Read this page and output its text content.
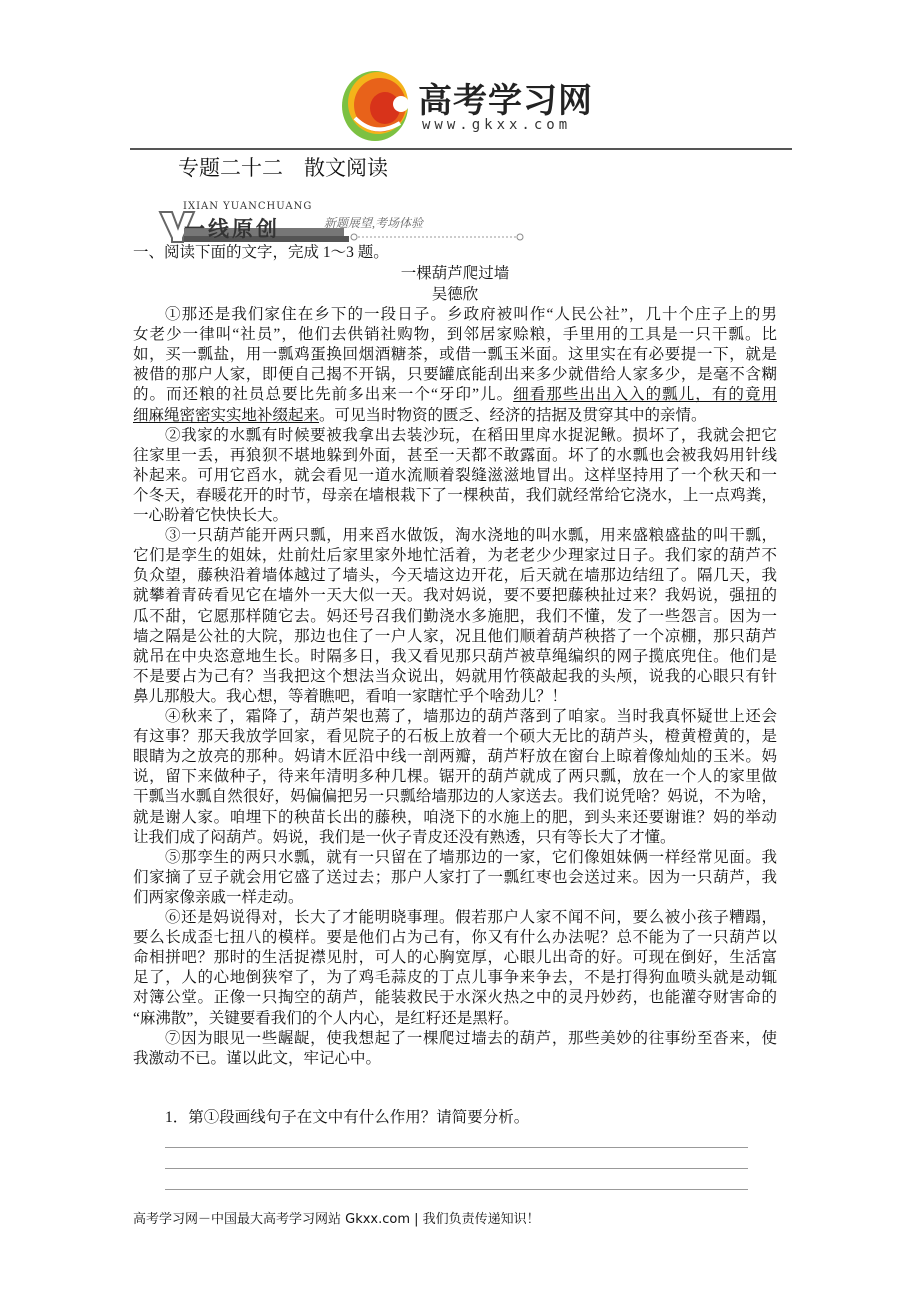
高考学习网
www.gkxx.com
专题二十二　散文阅读
IXIAN YUANCHUANG
一线原创	新题展望,考场体验
一、阅读下面的文字，完成 1～3 题。
一棵葫芦爬过墙
吴德欣
①那还是我们家住在乡下的一段日子。乡政府被叫作“人民公社”，几十个庄子上的男
女老少一律叫“社员”，他们去供销社购物，到邻居家赊粮，手里用的工具是一只干瓢。比
如，买一瓢盐，用一瓢鸡蛋换回烟酒糖茶，或借一瓢玉米面。这里实在有必要提一下，就是
被借的那户人家，即便自己揭不开锅，只要罐底能刮出来多少就借给人家多少，是毫不含糊
的。而还粮的社员总要比先前多出来一个“牙印”儿。细看那些出出入入的瓢儿，有的竟用
细麻绳密密实实地补缀起来。可见当时物资的匮乏、经济的拮据及贯穿其中的亲情。
②我家的水瓢有时候要被我拿出去装沙玩，在稻田里戽水捉泥鳅。损坏了，我就会把它
往家里一丢，再狼狈不堪地躲到外面，甚至一天都不敢露面。坏了的水瓢也会被我妈用针线
补起来。可用它舀水，就会看见一道水流顺着裂缝滋滋地冒出。这样坚持用了一个秋天和一
个冬天，春暖花开的时节，母亲在墙根栽下了一棵秧苗，我们就经常给它浇水，上一点鸡粪，
一心盼着它快快长大。
③一只葫芦能开两只瓢，用来舀水做饭，淘水浇地的叫水瓢，用来盛粮盛盐的叫干瓢，
它们是孪生的姐妹，灶前灶后家里家外地忙活着，为老老少少理家过日子。我们家的葫芦不
负众望，藤秧沿着墙体越过了墙头，今天墙这边开花，后天就在墙那边结纽了。隔几天，我
就攀着青砖看见它在墙外一天大似一天。我对妈说，要不要把藤秧扯过来？我妈说，强扭的
瓜不甜，它愿那样随它去。妈还号召我们勤浇水多施肥，我们不懂，发了一些怨言。因为一
墙之隔是公社的大院，那边也住了一户人家，况且他们顺着葫芦秧搭了一个凉棚，那只葫芦
就吊在中央恣意地生长。时隔多日，我又看见那只葫芦被草绳编织的网子揽底兜住。他们是
不是要占为己有？当我把这个想法当众说出，妈就用竹筷敲起我的头颅，说我的心眼只有针
鼻儿那般大。我心想，等着瞧吧，看咱一家瞎忙乎个啥劲儿？！
④秋来了，霜降了，葫芦架也蔫了，墙那边的葫芦落到了咱家。当时我真怀疑世上还会
有这事？那天我放学回家，看见院子的石板上放着一个硕大无比的葫芦头，橙黄橙黄的，是
眼睛为之放亮的那种。妈请木匠沿中线一剖两瓣，葫芦籽放在窗台上晾着像灿灿的玉米。妈
说，留下来做种子，待来年清明多种几棵。锯开的葫芦就成了两只瓢，放在一个人的家里做
干瓢当水瓢自然很好，妈偏偏把另一只瓢给墙那边的人家送去。我们说凭啥？妈说，不为啥，
就是谢人家。咱埋下的秧苗长出的藤秧，咱浇下的水施上的肥，到头来还要谢谁？妈的举动
让我们成了闷葫芦。妈说，我们是一伙子青皮还没有熟透，只有等长大了才懂。
⑤那孪生的两只水瓢，就有一只留在了墙那边的一家，它们像姐妹俩一样经常见面。我
们家摘了豆子就会用它盛了送过去；那户人家打了一瓢红枣也会送过来。因为一只葫芦，我
们两家像亲戚一样走动。
⑥还是妈说得对，长大了才能明晓事理。假若那户人家不闻不问，要么被小孩子糟蹋，
要么长成歪七扭八的模样。要是他们占为己有，你又有什么办法呢？总不能为了一只葫芦以
命相拼吧？那时的生活捉襟见肘，可人的心胸宽厚，心眼儿出奇的好。可现在倒好，生活富
足了，人的心地倒狭窄了，为了鸡毛蒜皮的丁点儿事争来争去，不是打得狗血喷头就是动辄
对簿公堂。正像一只掏空的葫芦，能装救民于水深火热之中的灵丹妙药，也能灌夺财害命的
“麻沸散”，关键要看我们的个人内心，是红籽还是黑籽。
⑦因为眼见一些龌龊，使我想起了一棵爬过墙去的葫芦，那些美妙的往事纷至沓来，使
我激动不已。谨以此文，牢记心中。
1．第①段画线句子在文中有什么作用？请简要分析。
高考学习网－中国最大高考学习网站 Gkxx.com | 我们负责传递知识！
